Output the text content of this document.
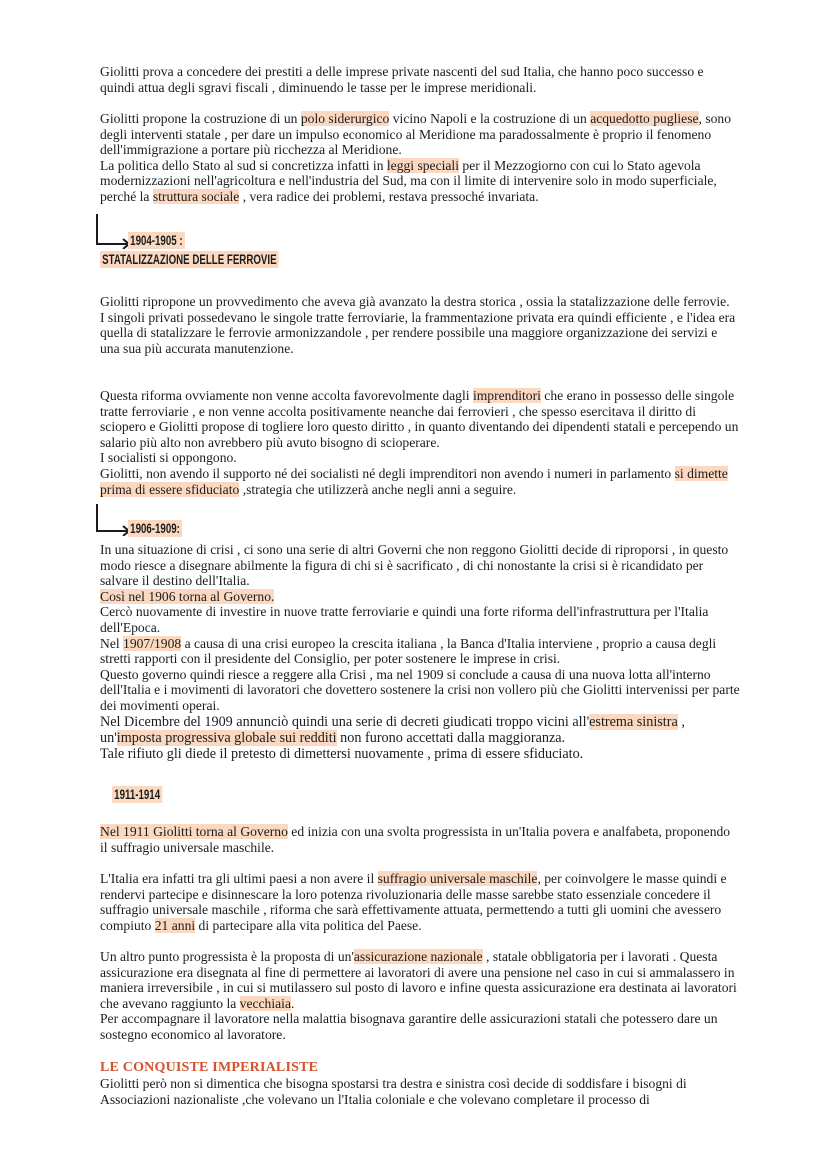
Giolitti prova a concedere dei prestiti a delle imprese private nascenti del sud Italia, che hanno poco successo e quindi attua degli sgravi fiscali , diminuendo le tasse per le imprese meridionali.

Giolitti propone la costruzione di un polo siderurgico vicino Napoli e la costruzione di un acquedotto pugliese, sono degli interventi statale , per dare un impulso economico al Meridione ma paradossalmente è proprio il fenomeno dell'immigrazione a portare più ricchezza al Meridione.
La politica dello Stato al sud si concretizza infatti in leggi speciali per il Mezzogiorno con cui lo Stato agevola modernizzazioni nell'agricoltura e nell'industria del Sud, ma con il limite di intervenire solo in modo superficiale, perché la struttura sociale , vera radice dei problemi, restava pressoché invariata.

1904-1905 :
STATALIZZAZIONE DELLE FERROVIE

Giolitti ripropone un provvedimento che aveva già avanzato la destra storica , ossia la statalizzazione delle ferrovie.
I singoli privati possedevano le singole tratte ferroviarie, la frammentazione privata era quindi efficiente , e l'idea era quella di statalizzare le ferrovie armonizzandole , per rendere possibile una maggiore organizzazione dei servizi e una sua più accurata manutenzione.

Questa riforma ovviamente non venne accolta favorevolmente dagli imprenditori che erano in possesso delle singole tratte ferroviarie , e non venne accolta positivamente neanche dai ferrovieri , che spesso esercitava il diritto di sciopero e Giolitti propose di togliere loro questo diritto , in quanto diventando dei dipendenti statali e percependo un salario più alto non avrebbero più avuto bisogno di scioperare.
I socialisti si oppongono.
Giolitti, non avendo il supporto né dei socialisti né degli imprenditori non avendo i numeri in parlamento si dimette prima di essere sfiduciato ,strategia che utilizzerà anche negli anni a seguire.

1906-1909:

In una situazione di crisi , ci sono una serie di altri Governi che non reggono Giolitti decide di riproporsi , in questo modo riesce a disegnare abilmente la figura di chi si è sacrificato , di chi nonostante la crisi si è ricandidato per salvare il destino dell'Italia.
Così nel 1906 torna al Governo.
Cercò nuovamente di investire in nuove tratte ferroviarie e quindi una forte riforma dell'infrastruttura per l'Italia dell'Epoca.
Nel 1907/1908 a causa di una crisi europeo la crescita italiana , la Banca d'Italia interviene , proprio a causa degli stretti rapporti con il presidente del Consiglio, per poter sostenere le imprese in crisi.
Questo governo quindi riesce a reggere alla Crisi , ma nel 1909 si conclude a causa di una nuova lotta all'interno dell'Italia e i movimenti di lavoratori che dovettero sostenere la crisi non vollero più che Giolitti intervenissi per parte dei movimenti operai.
Nel Dicembre del 1909 annunciò quindi una serie di decreti giudicati troppo vicini all'estrema sinistra , un'imposta progressiva globale sui redditi non furono accettati dalla maggioranza.
Tale rifiuto gli diede il pretesto di dimettersi nuovamente , prima di essere sfiduciato.

1911-1914

Nel 1911 Giolitti torna al Governo ed inizia con una svolta progressista in un'Italia povera e analfabeta, proponendo il suffragio universale maschile.

L'Italia era infatti tra gli ultimi paesi a non avere il suffragio universale maschile, per coinvolgere le masse quindi e rendervi partecipe e disinnescare la loro potenza rivoluzionaria delle masse sarebbe stato essenziale concedere il suffragio universale maschile , riforma che sarà effettivamente attuata, permettendo a tutti gli uomini che avessero compiuto 21 anni di partecipare alla vita politica del Paese.

Un altro punto progressista è la proposta di un'assicurazione nazionale , statale obbligatoria per i lavorati . Questa assicurazione era disegnata al fine di permettere ai lavoratori di avere una pensione nel caso in cui si ammalassero in maniera irreversibile , in cui si mutilassero sul posto di lavoro e infine questa assicurazione era destinata ai lavoratori che avevano raggiunto la vecchiaia.
Per accompagnare il lavoratore nella malattia bisognava garantire delle assicurazioni statali che potessero dare un sostegno economico al lavoratore.

LE CONQUISTE IMPERIALISTE

Giolitti però non si dimentica che bisogna spostarsi tra destra e sinistra così decide di soddisfare i bisogni di Associazioni nazionaliste ,che volevano un l'Italia coloniale e che volevano completare il processo di
